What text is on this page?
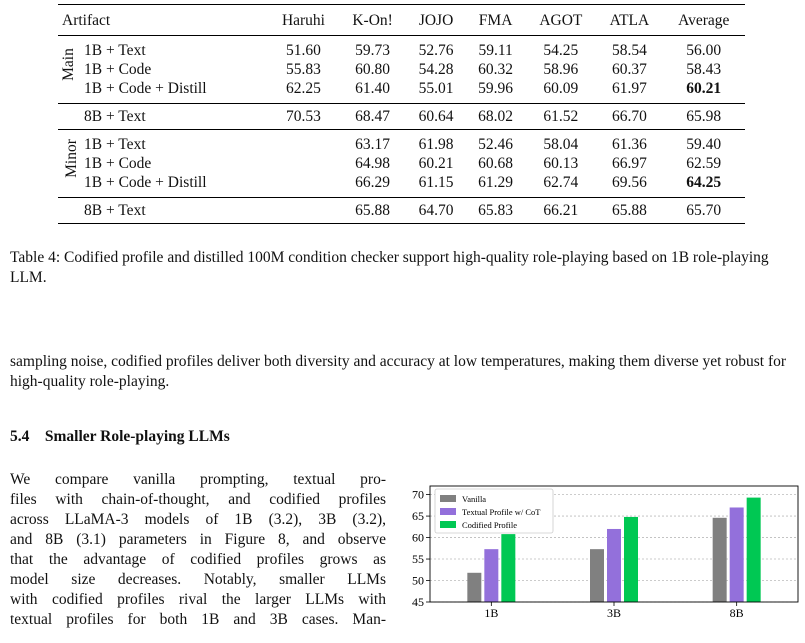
Artifact	Haruhi	K-On!	JOJO	FMA	AGOT	ATLA	Average

Main	1B + Text	51.60	59.73	52.76	59.11	54.25	58.54	56.00
1B + Code	55.83	60.80	54.28	60.32	58.96	60.37	58.43
1B + Code + Distill	62.25	61.40	55.01	59.96	60.09	61.97	60.21
	8B + Text	70.53	68.47	60.64	68.02	61.52	66.70	65.98

Minor	1B + Text		63.17	61.98	52.46	58.04	61.36	59.40
1B + Code		64.98	60.21	60.68	60.13	66.97	62.59
1B + Code + Distill		66.29	61.15	61.29	62.74	69.56	64.25
	8B + Text		65.88	64.70	65.83	66.21	65.88	65.70
Table 4: Codified profile and distilled 100M condition checker support high-quality role-playing based on 1B role-playing LLM.
sampling noise, codified profiles deliver both diversity and accuracy at low temperatures, making them diverse yet robust for high-quality role-playing.
5.4 Smaller Role-playing LLMs
We compare vanilla prompting, textual pro-
files with chain-of-thought, and codified profiles
across LLaMA-3 models of 1B (3.2), 3B (3.2),
and 8B (3.1) parameters in Figure 8, and observe
that the advantage of codified profiles grows as
model size decreases. Notably, smaller LLMs
with codified profiles rival the larger LLMs with
textual profiles for both 1B and 3B cases. Man-
45
50
55
60
65
70
1B	3B	8B
Vanilla
Textual Profile w/ CoT
Codified Profile
